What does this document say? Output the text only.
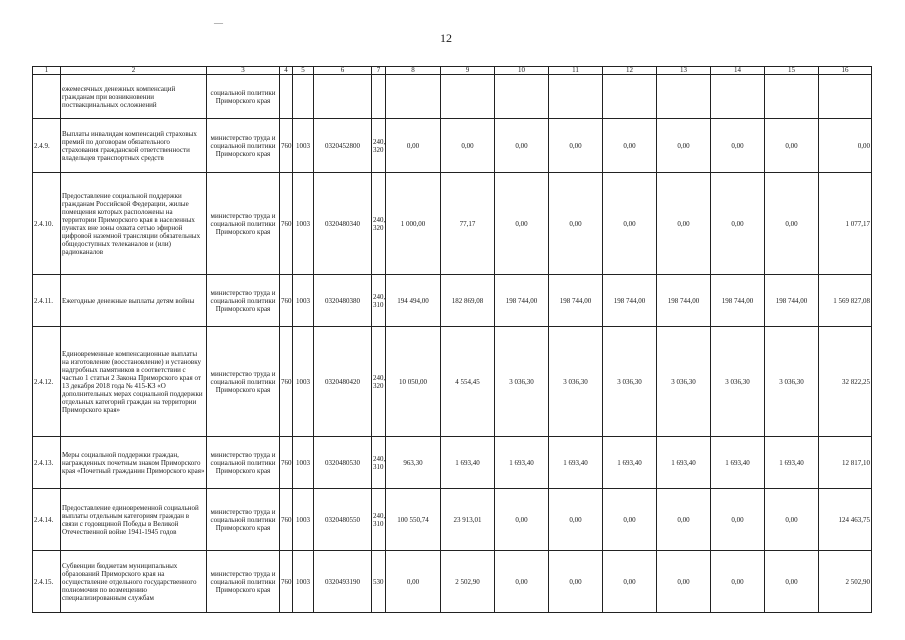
—
12
1	2	3	4	5	6	7	8	9	10	11	12	13	14	15	16
	ежемесячных денежных компенсаций гражданам при возникновении поствакцинальных осложнений	социальной политики Приморского края													
2.4.9.	Выплаты инвалидам компенсаций страховых премий по договорам обязательного страхования гражданской ответственности владельцев транспортных средств	министерство труда и социальной политики Приморского края	760	1003	0320452800	240, 320	0,00	0,00	0,00	0,00	0,00	0,00	0,00	0,00	0,00
2.4.10.	Предоставление социальной поддержки гражданам Российской Федерации, жилые помещения которых расположены на территории Приморского края в населенных пунктах вне зоны охвата сетью эфирной цифровой наземной трансляции обязательных общедоступных телеканалов и (или) радиоканалов	министерство труда и социальной политики Приморского края	760	1003	0320480340	240, 320	1 000,00	77,17	0,00	0,00	0,00	0,00	0,00	0,00	1 077,17
2.4.11.	Ежегодные денежные выплаты детям войны	министерство труда и социальной политики Приморского края	760	1003	0320480380	240, 310	194 494,00	182 869,08	198 744,00	198 744,00	198 744,00	198 744,00	198 744,00	198 744,00	1 569 827,08
2.4.12.	Единовременные компенсационные выплаты на изготовление (восстановление) и установку надгробных памятников в соответствии с частью 1 статьи 2 Закона Приморского края от 13 декабря 2018 года № 415-КЗ «О дополнительных мерах социальной поддержки отдельных категорий граждан на территории Приморского края»	министерство труда и социальной политики Приморского края	760	1003	0320480420	240, 320	10 050,00	4 554,45	3 036,30	3 036,30	3 036,30	3 036,30	3 036,30	3 036,30	32 822,25
2.4.13.	Меры социальной поддержки граждан, награжденных почетным знаком Приморского края «Почетный гражданин Приморского края»	министерство труда и социальной политики Приморского края	760	1003	0320480530	240, 310	963,30	1 693,40	1 693,40	1 693,40	1 693,40	1 693,40	1 693,40	1 693,40	12 817,10
2.4.14.	Предоставление единовременной социальной выплаты отдельным категориям граждан в связи с годовщиной Победы в Великой Отечественной войне 1941-1945 годов	министерство труда и социальной политики Приморского края	760	1003	0320480550	240, 310	100 550,74	23 913,01	0,00	0,00	0,00	0,00	0,00	0,00	124 463,75
2.4.15.	Субвенции бюджетам муниципальных образований Приморского края на осуществление отдельного государственного полномочия по возмещению специализированным службам	министерство труда и социальной политики Приморского края	760	1003	0320493190	530	0,00	2 502,90	0,00	0,00	0,00	0,00	0,00	0,00	2 502,90
